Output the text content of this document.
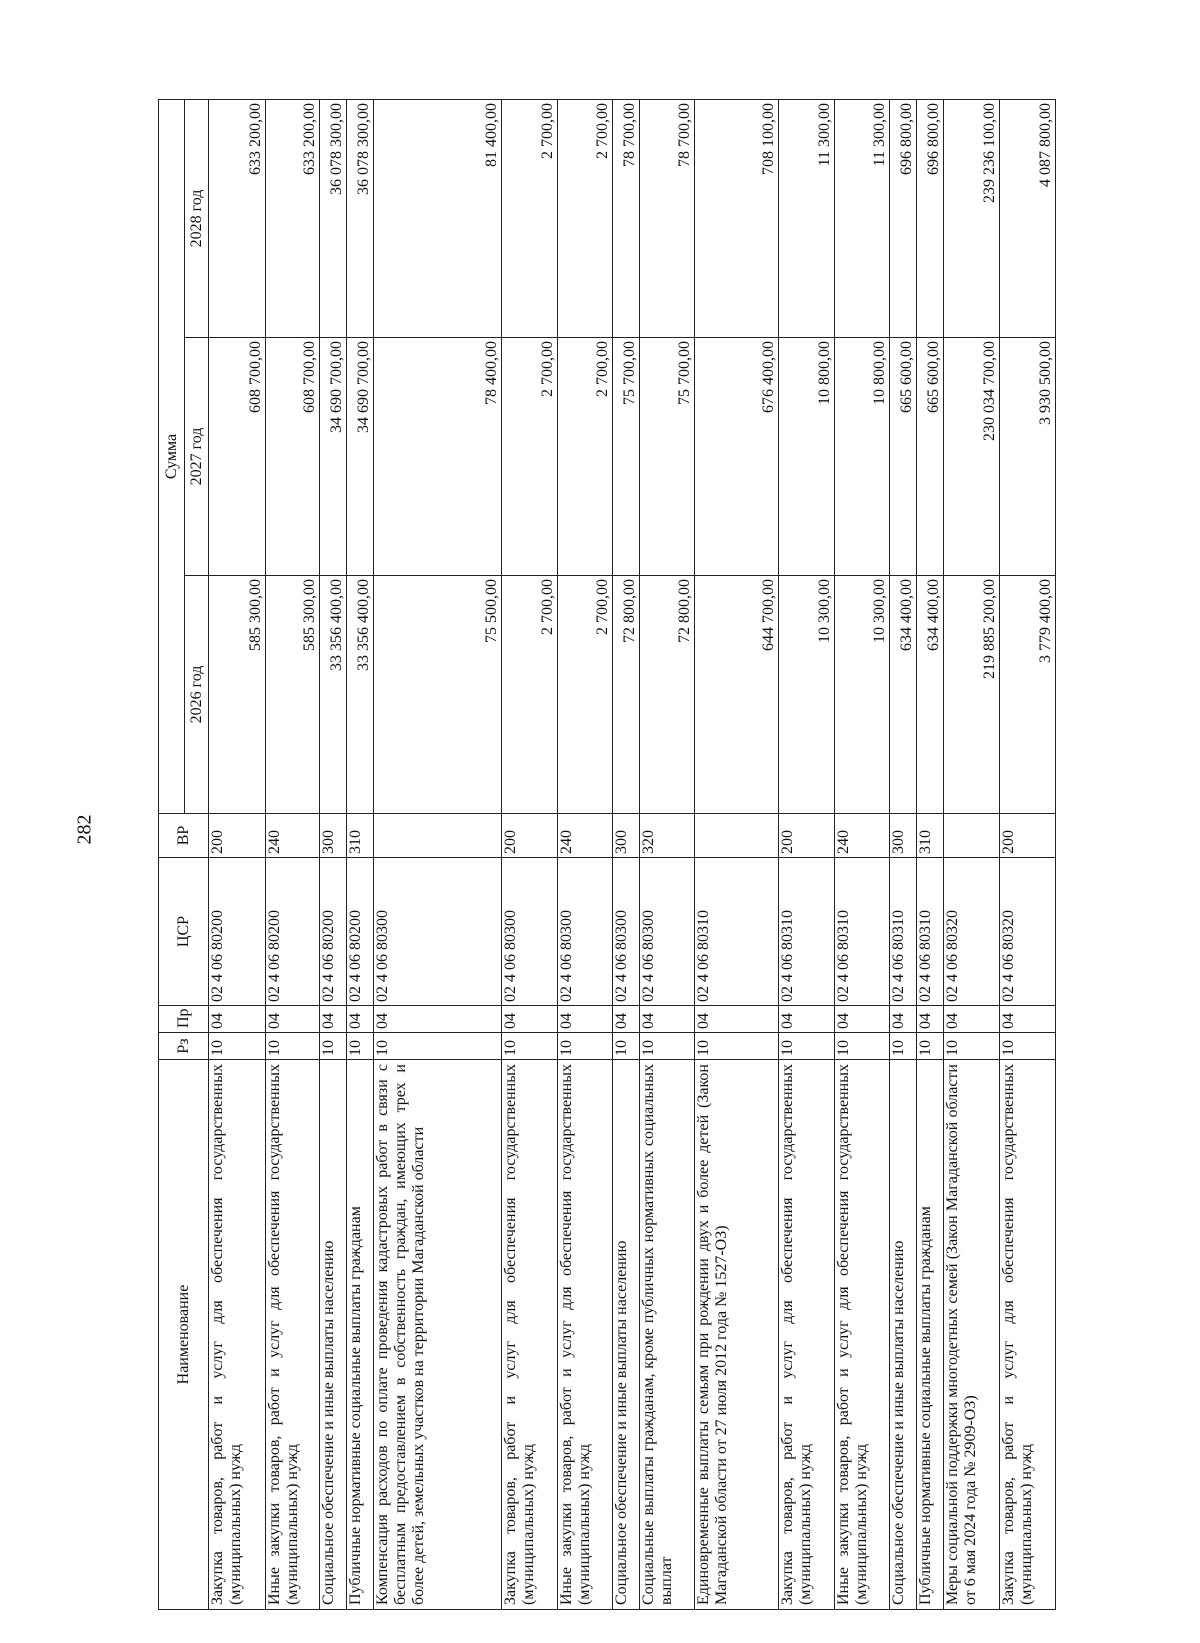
282
Наименование	Рз	Пр	ЦСР	ВР	Сумма		
					2026 год	2027 год	2028 год
Закупка товаров, работ и услуг для обеспечения государственных (муниципальных) нужд	10	04	02 4 06 80200	200	585 300,00	608 700,00	633 200,00
Иные закупки товаров, работ и услуг для обеспечения государственных (муниципальных) нужд	10	04	02 4 06 80200	240	585 300,00	608 700,00	633 200,00
Социальное обеспечение и иные выплаты населению	10	04	02 4 06 80200	300	33 356 400,00	34 690 700,00	36 078 300,00
Публичные нормативные социальные выплаты гражданам	10	04	02 4 06 80200	310	33 356 400,00	34 690 700,00	36 078 300,00
Компенсация расходов по оплате проведения кадастровых работ в связи с бесплатным предоставлением в собственность граждан, имеющих трех и более детей, земельных участков на территории Магаданской области	10	04	02 4 06 80300		75 500,00	78 400,00	81 400,00
Закупка товаров, работ и услуг для обеспечения государственных (муниципальных) нужд	10	04	02 4 06 80300	200	2 700,00	2 700,00	2 700,00
Иные закупки товаров, работ и услуг для обеспечения государственных (муниципальных) нужд	10	04	02 4 06 80300	240	2 700,00	2 700,00	2 700,00
Социальное обеспечение и иные выплаты населению	10	04	02 4 06 80300	300	72 800,00	75 700,00	78 700,00
Социальные выплаты гражданам, кроме публичных нормативных социальных выплат	10	04	02 4 06 80300	320	72 800,00	75 700,00	78 700,00
Единовременные выплаты семьям при рождении двух и более детей (Закон Магаданской области от 27 июля 2012 года № 1527-ОЗ)	10	04	02 4 06 80310		644 700,00	676 400,00	708 100,00
Закупка товаров, работ и услуг для обеспечения государственных (муниципальных) нужд	10	04	02 4 06 80310	200	10 300,00	10 800,00	11 300,00
Иные закупки товаров, работ и услуг для обеспечения государственных (муниципальных) нужд	10	04	02 4 06 80310	240	10 300,00	10 800,00	11 300,00
Социальное обеспечение и иные выплаты населению	10	04	02 4 06 80310	300	634 400,00	665 600,00	696 800,00
Публичные нормативные социальные выплаты гражданам	10	04	02 4 06 80310	310	634 400,00	665 600,00	696 800,00
Меры социальной поддержки многодетных семей (Закон Магаданской области от 6 мая 2024 года № 2909-ОЗ)	10	04	02 4 06 80320		219 885 200,00	230 034 700,00	239 236 100,00
Закупка товаров, работ и услуг для обеспечения государственных (муниципальных) нужд	10	04	02 4 06 80320	200	3 779 400,00	3 930 500,00	4 087 800,00
